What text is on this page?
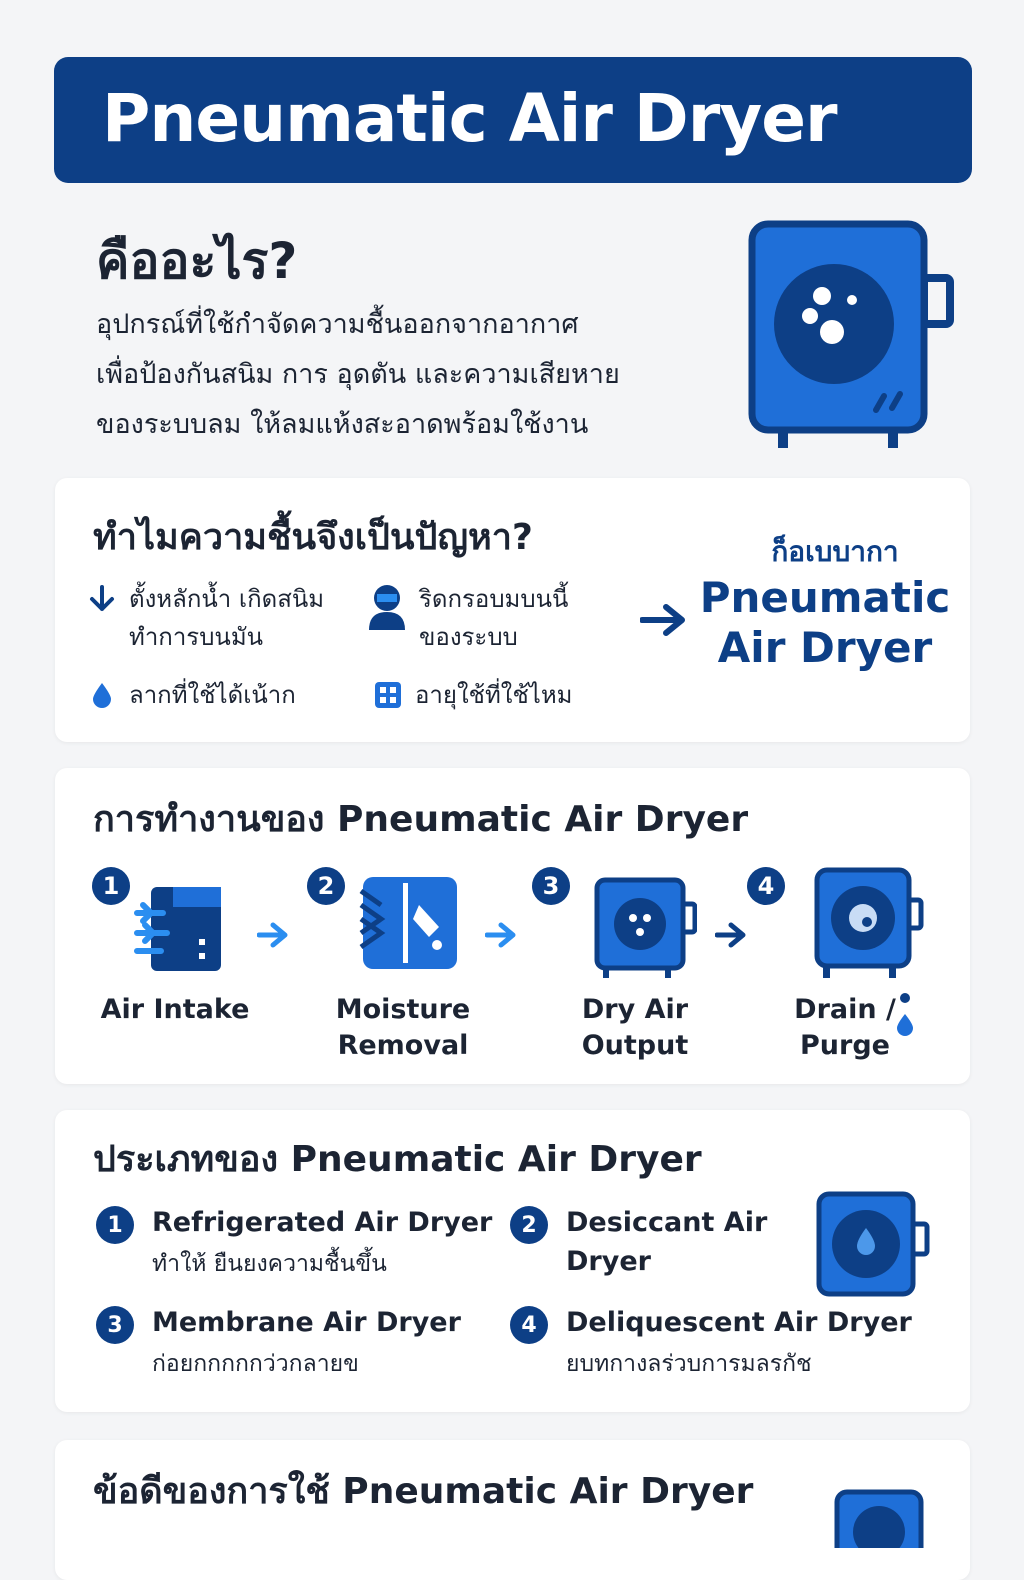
Pneumatic Air Dryer
คืออะไร?
อุปกรณ์ที่ใช้กำจัดความชื้นออกจากอากาศ
เพื่อป้องกันสนิม การ อุดตัน และความเสียหาย
ของระบบลม ให้ลมแห้งสะอาดพร้อมใช้งาน
ทำไมความชื้นจึงเป็นปัญหา?
ตั้งหลักน้ำ เกิดสนิม
ทำการบนมัน
ริดกรอบมบนนี้
ของระบบ
ลากที่ใช้ได้เน้าก	อายุใช้ที่ใช้ไหม
ก็อเบบากา
Pneumatic
Air Dryer
การทำงานของ Pneumatic Air Dryer
1
Air Intake
2
Moisture
Removal
3
Dry Air
Output
4
Drain /
Purge
ประเภทของ Pneumatic Air Dryer
1	Refrigerated Air Dryer
ทำให้ ยืนยงความชื้นขึ้น
2	Desiccant Air
Dryer
3	Membrane Air Dryer
ก่อยกกกกกว่วกลายข
4	Deliquescent Air Dryer
ยบทกางลร่วบการมลรกัช
ข้อดีของการใช้ Pneumatic Air Dryer
